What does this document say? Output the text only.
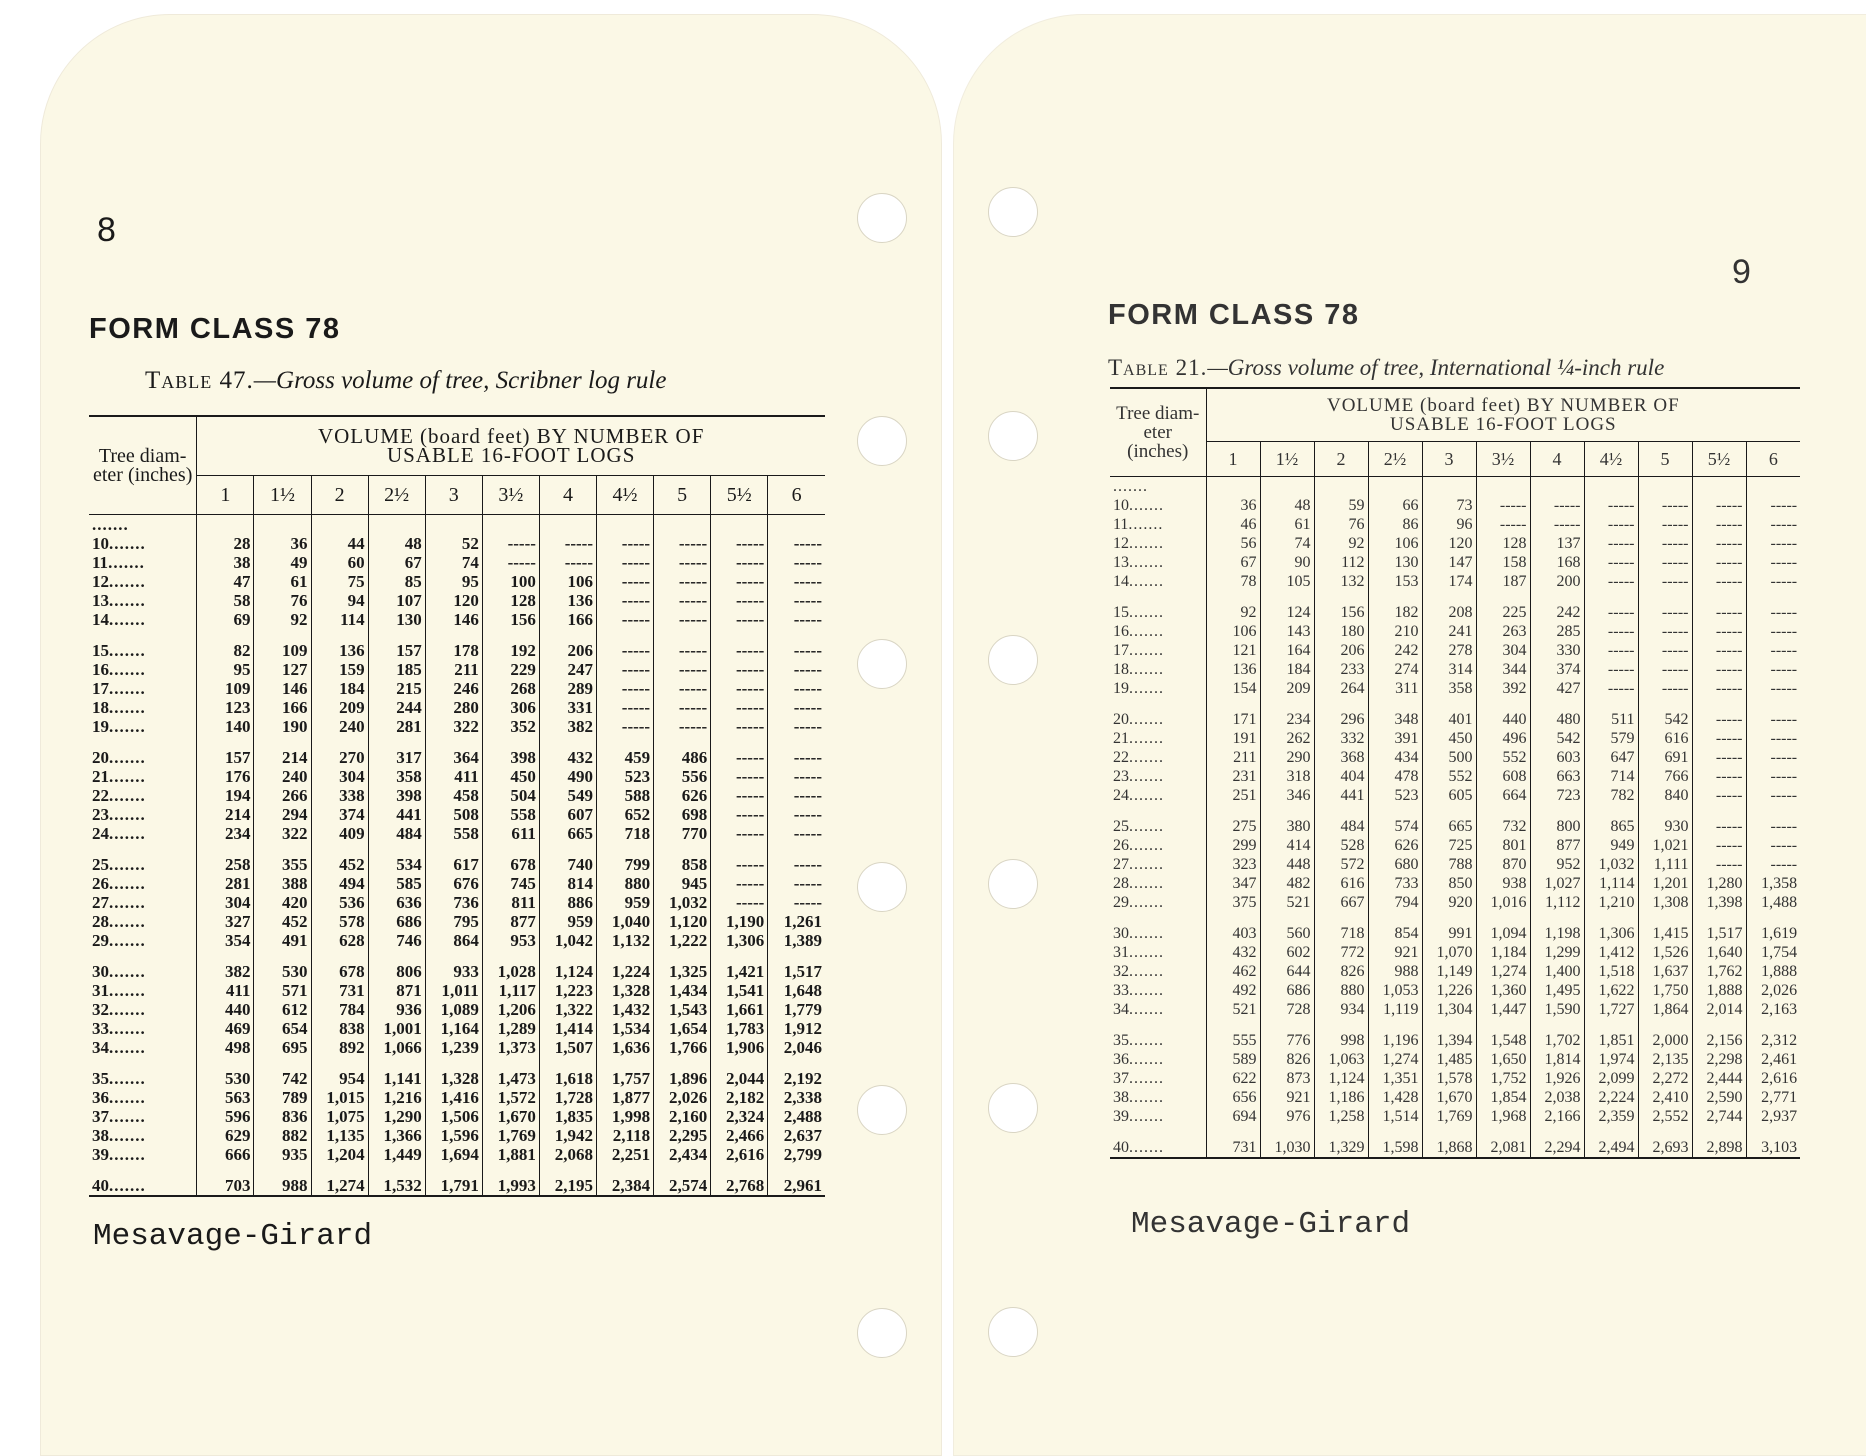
8
FORM CLASS 78
Table 47.—Gross volume of tree, Scribner log rule
Tree diam-eter (inches)	VOLUME (board feet) BY NUMBER OF
USABLE 16-FOOT LOGS										

	1	1½	2	2½	3	3½	4	4½	5	5½	6
.......											
10 .......	28	36	44	48	52	-----	-----	-----	-----	-----	-----
11 .......	38	49	60	67	74	-----	-----	-----	-----	-----	-----
12 .......	47	61	75	85	95	100	106	-----	-----	-----	-----
13 .......	58	76	94	107	120	128	136	-----	-----	-----	-----
14 .......	69	92	114	130	146	156	166	-----	-----	-----	-----
15 .......	82	109	136	157	178	192	206	-----	-----	-----	-----
16 .......	95	127	159	185	211	229	247	-----	-----	-----	-----
17 .......	109	146	184	215	246	268	289	-----	-----	-----	-----
18 .......	123	166	209	244	280	306	331	-----	-----	-----	-----
19 .......	140	190	240	281	322	352	382	-----	-----	-----	-----
20 .......	157	214	270	317	364	398	432	459	486	-----	-----
21 .......	176	240	304	358	411	450	490	523	556	-----	-----
22 .......	194	266	338	398	458	504	549	588	626	-----	-----
23 .......	214	294	374	441	508	558	607	652	698	-----	-----
24 .......	234	322	409	484	558	611	665	718	770	-----	-----
25 .......	258	355	452	534	617	678	740	799	858	-----	-----
26 .......	281	388	494	585	676	745	814	880	945	-----	-----
27 .......	304	420	536	636	736	811	886	959	1,032	-----	-----
28 .......	327	452	578	686	795	877	959	1,040	1,120	1,190	1,261
29 .......	354	491	628	746	864	953	1,042	1,132	1,222	1,306	1,389
30 .......	382	530	678	806	933	1,028	1,124	1,224	1,325	1,421	1,517
31 .......	411	571	731	871	1,011	1,117	1,223	1,328	1,434	1,541	1,648
32 .......	440	612	784	936	1,089	1,206	1,322	1,432	1,543	1,661	1,779
33 .......	469	654	838	1,001	1,164	1,289	1,414	1,534	1,654	1,783	1,912
34 .......	498	695	892	1,066	1,239	1,373	1,507	1,636	1,766	1,906	2,046
35 .......	530	742	954	1,141	1,328	1,473	1,618	1,757	1,896	2,044	2,192
36 .......	563	789	1,015	1,216	1,416	1,572	1,728	1,877	2,026	2,182	2,338
37 .......	596	836	1,075	1,290	1,506	1,670	1,835	1,998	2,160	2,324	2,488
38 .......	629	882	1,135	1,366	1,596	1,769	1,942	2,118	2,295	2,466	2,637
39 .......	666	935	1,204	1,449	1,694	1,881	2,068	2,251	2,434	2,616	2,799
40 .......	703	988	1,274	1,532	1,791	1,993	2,195	2,384	2,574	2,768	2,961
Mesavage-Girard
9
FORM CLASS 78
Table 21.—Gross volume of tree, International ¼-inch rule
Mesavage-Girard
Tree diam-eter (inches)	VOLUME (board feet) BY NUMBER OF
USABLE 16-FOOT LOGS										

	1	1½	2	2½	3	3½	4	4½	5	5½	6
.......											
10 .......	36	48	59	66	73	-----	-----	-----	-----	-----	-----
11 .......	46	61	76	86	96	-----	-----	-----	-----	-----	-----
12 .......	56	74	92	106	120	128	137	-----	-----	-----	-----
13 .......	67	90	112	130	147	158	168	-----	-----	-----	-----
14 .......	78	105	132	153	174	187	200	-----	-----	-----	-----
15 .......	92	124	156	182	208	225	242	-----	-----	-----	-----
16 .......	106	143	180	210	241	263	285	-----	-----	-----	-----
17 .......	121	164	206	242	278	304	330	-----	-----	-----	-----
18 .......	136	184	233	274	314	344	374	-----	-----	-----	-----
19 .......	154	209	264	311	358	392	427	-----	-----	-----	-----
20 .......	171	234	296	348	401	440	480	511	542	-----	-----
21 .......	191	262	332	391	450	496	542	579	616	-----	-----
22 .......	211	290	368	434	500	552	603	647	691	-----	-----
23 .......	231	318	404	478	552	608	663	714	766	-----	-----
24 .......	251	346	441	523	605	664	723	782	840	-----	-----
25 .......	275	380	484	574	665	732	800	865	930	-----	-----
26 .......	299	414	528	626	725	801	877	949	1,021	-----	-----
27 .......	323	448	572	680	788	870	952	1,032	1,111	-----	-----
28 .......	347	482	616	733	850	938	1,027	1,114	1,201	1,280	1,358
29 .......	375	521	667	794	920	1,016	1,112	1,210	1,308	1,398	1,488
30 .......	403	560	718	854	991	1,094	1,198	1,306	1,415	1,517	1,619
31 .......	432	602	772	921	1,070	1,184	1,299	1,412	1,526	1,640	1,754
32 .......	462	644	826	988	1,149	1,274	1,400	1,518	1,637	1,762	1,888
33 .......	492	686	880	1,053	1,226	1,360	1,495	1,622	1,750	1,888	2,026
34 .......	521	728	934	1,119	1,304	1,447	1,590	1,727	1,864	2,014	2,163
35 .......	555	776	998	1,196	1,394	1,548	1,702	1,851	2,000	2,156	2,312
36 .......	589	826	1,063	1,274	1,485	1,650	1,814	1,974	2,135	2,298	2,461
37 .......	622	873	1,124	1,351	1,578	1,752	1,926	2,099	2,272	2,444	2,616
38 .......	656	921	1,186	1,428	1,670	1,854	2,038	2,224	2,410	2,590	2,771
39 .......	694	976	1,258	1,514	1,769	1,968	2,166	2,359	2,552	2,744	2,937
40 .......	731	1,030	1,329	1,598	1,868	2,081	2,294	2,494	2,693	2,898	3,103
